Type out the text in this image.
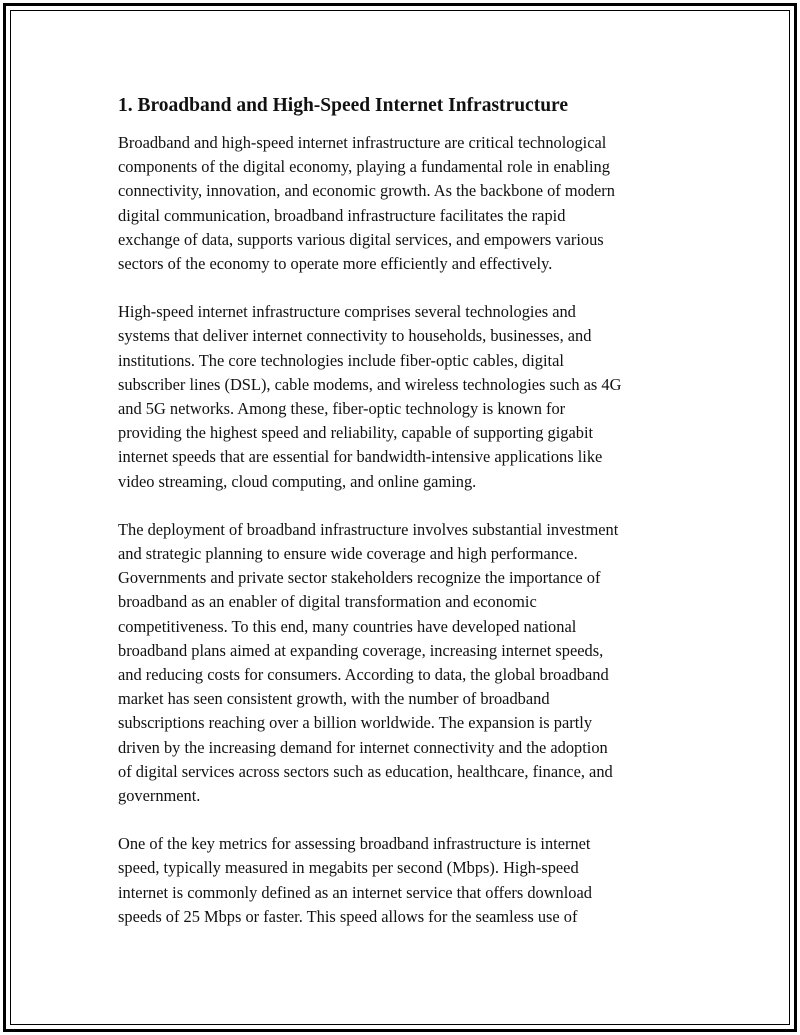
1. Broadband and High-Speed Internet Infrastructure
Broadband and high-speed internet infrastructure are critical technological
components of the digital economy, playing a fundamental role in enabling
connectivity, innovation, and economic growth. As the backbone of modern
digital communication, broadband infrastructure facilitates the rapid
exchange of data, supports various digital services, and empowers various
sectors of the economy to operate more efficiently and effectively.
High-speed internet infrastructure comprises several technologies and
systems that deliver internet connectivity to households, businesses, and
institutions. The core technologies include fiber-optic cables, digital
subscriber lines (DSL), cable modems, and wireless technologies such as 4G
and 5G networks. Among these, fiber-optic technology is known for
providing the highest speed and reliability, capable of supporting gigabit
internet speeds that are essential for bandwidth-intensive applications like
video streaming, cloud computing, and online gaming.
The deployment of broadband infrastructure involves substantial investment
and strategic planning to ensure wide coverage and high performance.
Governments and private sector stakeholders recognize the importance of
broadband as an enabler of digital transformation and economic
competitiveness. To this end, many countries have developed national
broadband plans aimed at expanding coverage, increasing internet speeds,
and reducing costs for consumers. According to data, the global broadband
market has seen consistent growth, with the number of broadband
subscriptions reaching over a billion worldwide. The expansion is partly
driven by the increasing demand for internet connectivity and the adoption
of digital services across sectors such as education, healthcare, finance, and
government.
One of the key metrics for assessing broadband infrastructure is internet
speed, typically measured in megabits per second (Mbps). High-speed
internet is commonly defined as an internet service that offers download
speeds of 25 Mbps or faster. This speed allows for the seamless use of
